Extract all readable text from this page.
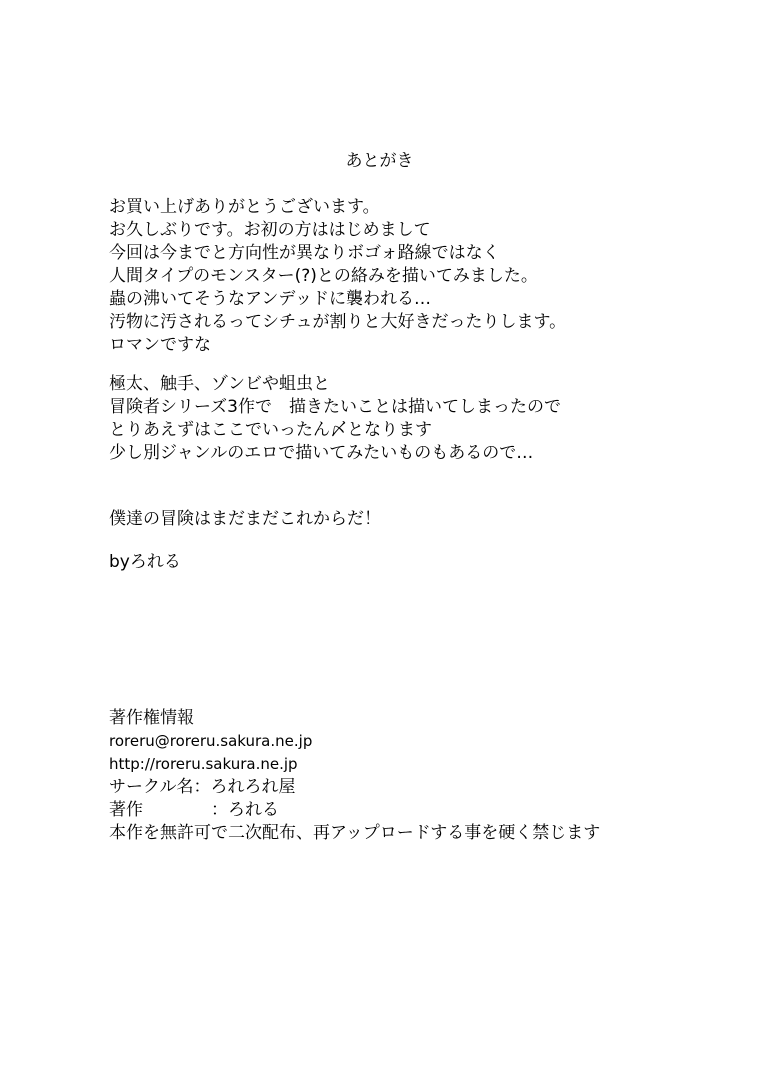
あとがき
お買い上げありがとうございます。
お久しぶりです。お初の方ははじめまして
今回は今までと方向性が異なりボゴォ路線ではなく
人間タイプのモンスター(?)との絡みを描いてみました。
蟲の沸いてそうなアンデッドに襲われる…
汚物に汚されるってシチュが割りと大好きだったりします。
ロマンですな
極太、触手、ゾンビや蛆虫と
冒険者シリーズ3作で　描きたいことは描いてしまったので
とりあえずはここでいったん〆となります
少し別ジャンルのエロで描いてみたいものもあるので…
僕達の冒険はまだまだこれからだ！
byろれる
著作権情報
roreru@roreru.sakura.ne.jp
http://roreru.sakura.ne.jp
サークル名：ろれろれ屋
著作　　　　：ろれる
本作を無許可で二次配布、再アップロードする事を硬く禁じます
